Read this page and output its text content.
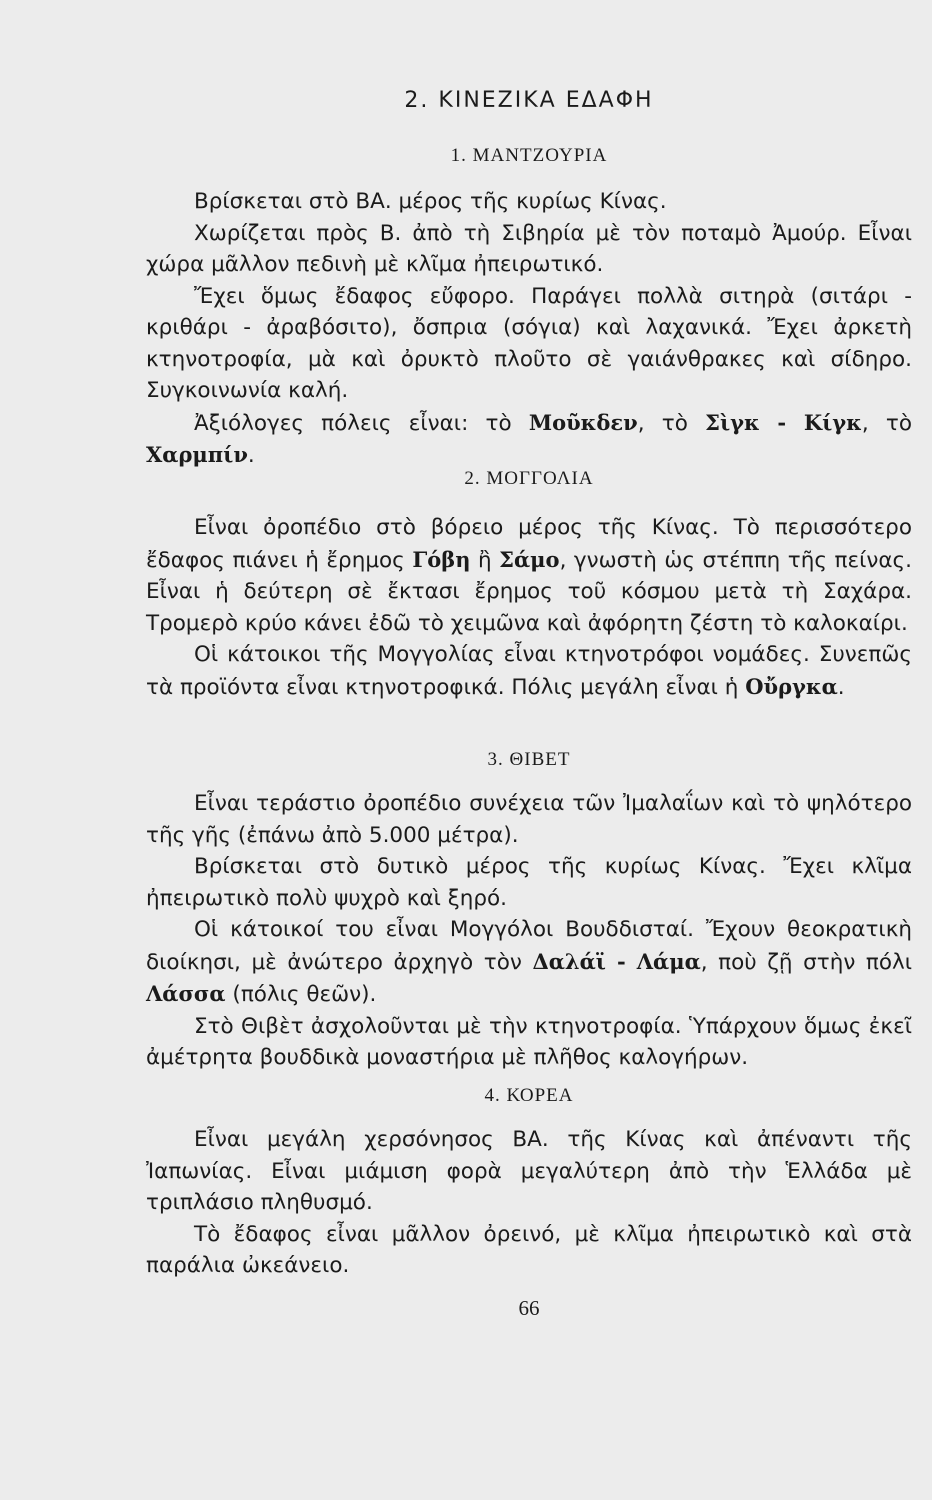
2. ΚΙΝΕΖΙΚΑ ΕΔΑΦΗ
1. ΜΑΝΤΖΟΥΡΙΑ

Βρίσκεται στὸ ΒΑ. μέρος τῆς κυρίως Κίνας.

Χωρίζεται πρὸς Β. ἀπὸ τὴ Σιβηρία μὲ τὸν ποταμὸ Ἀμούρ. Εἶναι χώρα μᾶλλον πεδινὴ μὲ κλῖμα ἠπειρωτικό.

Ἔχει ὅμως ἔδαφος εὔφορο. Παράγει πολλὰ σιτηρὰ (σιτάρι - κριθάρι - ἀραβόσιτο), ὄσπρια (σόγια) καὶ λαχανικά. Ἔχει ἀρκετὴ κτηνοτροφία, μὰ καὶ ὀρυκτὸ πλοῦτο σὲ γαιάνθρακες καὶ σίδηρο. Συγκοινωνία καλή.

Ἀξιόλογες πόλεις εἶναι: τὸ Μοῦκδεν, τὸ Σὶγκ - Κίγκ, τὸ Χαρμπίν.

2. ΜΟΓΓΟΛΙΑ

Εἶναι ὀροπέδιο στὸ βόρειο μέρος τῆς Κίνας. Τὸ περισσότερο ἔδαφος πιάνει ἡ ἔρημος Γόβη ἢ Σάμο, γνωστὴ ὡς στέππη τῆς πείνας. Εἶναι ἡ δεύτερη σὲ ἔκτασι ἔρημος τοῦ κόσμου μετὰ τὴ Σαχάρα. Τρομερὸ κρύο κάνει ἐδῶ τὸ χειμῶνα καὶ ἀφόρητη ζέστη τὸ καλοκαίρι.

Οἱ κάτοικοι τῆς Μογγολίας εἶναι κτηνοτρόφοι νομάδες. Συνεπῶς τὰ προϊόντα εἶναι κτηνοτροφικά. Πόλις μεγάλη εἶναι ἡ Οὔργκα.

3. ΘΙΒΕΤ

Εἶναι τεράστιο ὀροπέδιο συνέχεια τῶν Ἰμαλαΐων καὶ τὸ ψηλότερο τῆς γῆς (ἐπάνω ἀπὸ 5.000 μέτρα).

Βρίσκεται στὸ δυτικὸ μέρος τῆς κυρίως Κίνας. Ἔχει κλῖμα ἠπειρωτικὸ πολὺ ψυχρὸ καὶ ξηρό.

Οἱ κάτοικοί του εἶναι Μογγόλοι Βουδδισταί. Ἔχουν θεοκρατικὴ διοίκησι, μὲ ἀνώτερο ἀρχηγὸ τὸν Δαλάϊ - Λάμα, ποὺ ζῇ στὴν πόλι Λάσσα (πόλις θεῶν).

Στὸ Θιβὲτ ἀσχολοῦνται μὲ τὴν κτηνοτροφία. Ὑπάρχουν ὅμως ἐκεῖ ἀμέτρητα βουδδικὰ μοναστήρια μὲ πλῆθος καλογήρων.

4. ΚΟΡΕΑ

Εἶναι μεγάλη χερσόνησος ΒΑ. τῆς Κίνας καὶ ἀπέναντι τῆς Ἰαπωνίας. Εἶναι μιάμιση φορὰ μεγαλύτερη ἀπὸ τὴν Ἑλλάδα μὲ τριπλάσιο πληθυσμό.

Τὸ ἔδαφος εἶναι μᾶλλον ὀρεινό, μὲ κλῖμα ἠπειρωτικὸ καὶ στὰ παράλια ὠκεάνειο.

66
